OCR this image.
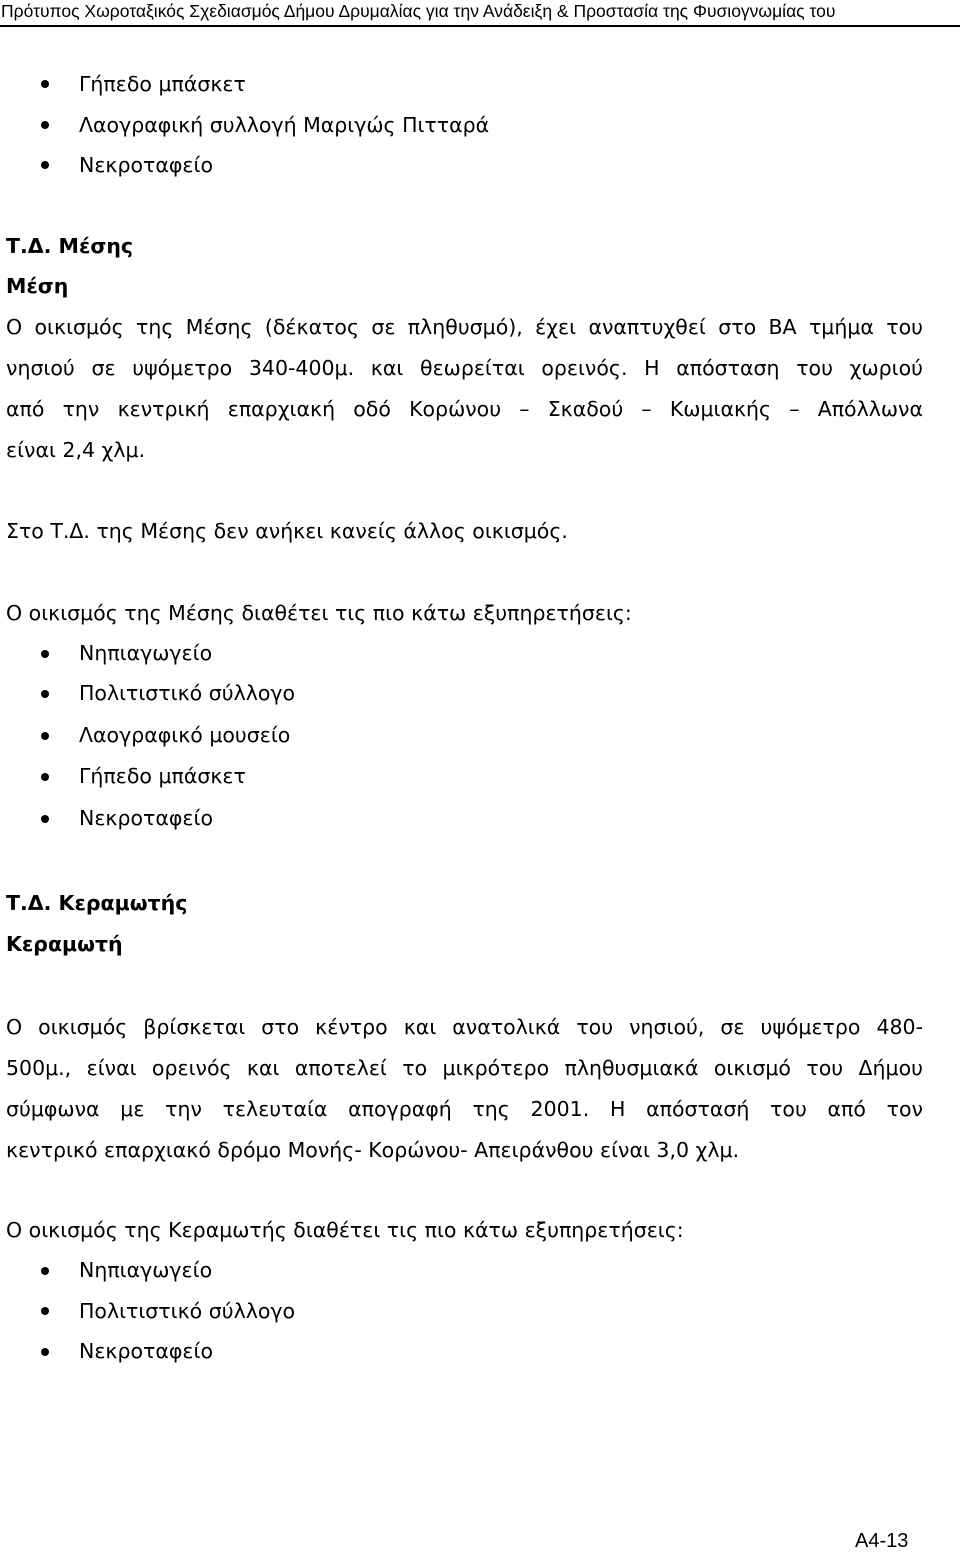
Πρότυπος Χωροταξικός Σχεδιασμός Δήμου Δρυμαλίας για την Ανάδειξη & Προστασία της Φυσιογνωμίας του
Γήπεδο μπάσκετ
Λαογραφική συλλογή Μαριγώς Πιτταρά
Νεκροταφείο
Τ.Δ. Μέσης
Μέση
Ο οικισμός της Μέσης (δέκατος σε πληθυσμό), έχει αναπτυχθεί στο ΒΑ τμήμα του
νησιού σε υψόμετρο 340-400μ. και θεωρείται ορεινός. Η απόσταση του χωριού
από την κεντρική επαρχιακή οδό Κορώνου – Σκαδού – Κωμιακής – Απόλλωνα
είναι 2,4 χλμ.
Στο Τ.Δ. της Μέσης δεν ανήκει κανείς άλλος οικισμός.
Ο οικισμός της Μέσης διαθέτει τις πιο κάτω εξυπηρετήσεις:
Νηπιαγωγείο
Πολιτιστικό σύλλογο
Λαογραφικό μουσείο
Γήπεδο μπάσκετ
Νεκροταφείο
Τ.Δ. Κεραμωτής
Κεραμωτή
Ο οικισμός βρίσκεται στο κέντρο και ανατολικά του νησιού, σε υψόμετρο 480-
500μ., είναι ορεινός και αποτελεί το μικρότερο πληθυσμιακά οικισμό του Δήμου
σύμφωνα με την τελευταία απογραφή της 2001. Η απόστασή του από τον
κεντρικό επαρχιακό δρόμο Μονής- Κορώνου- Απειράνθου είναι 3,0 χλμ.
Ο οικισμός της Κεραμωτής διαθέτει τις πιο κάτω εξυπηρετήσεις:
Νηπιαγωγείο
Πολιτιστικό σύλλογο
Νεκροταφείο
A4-13
